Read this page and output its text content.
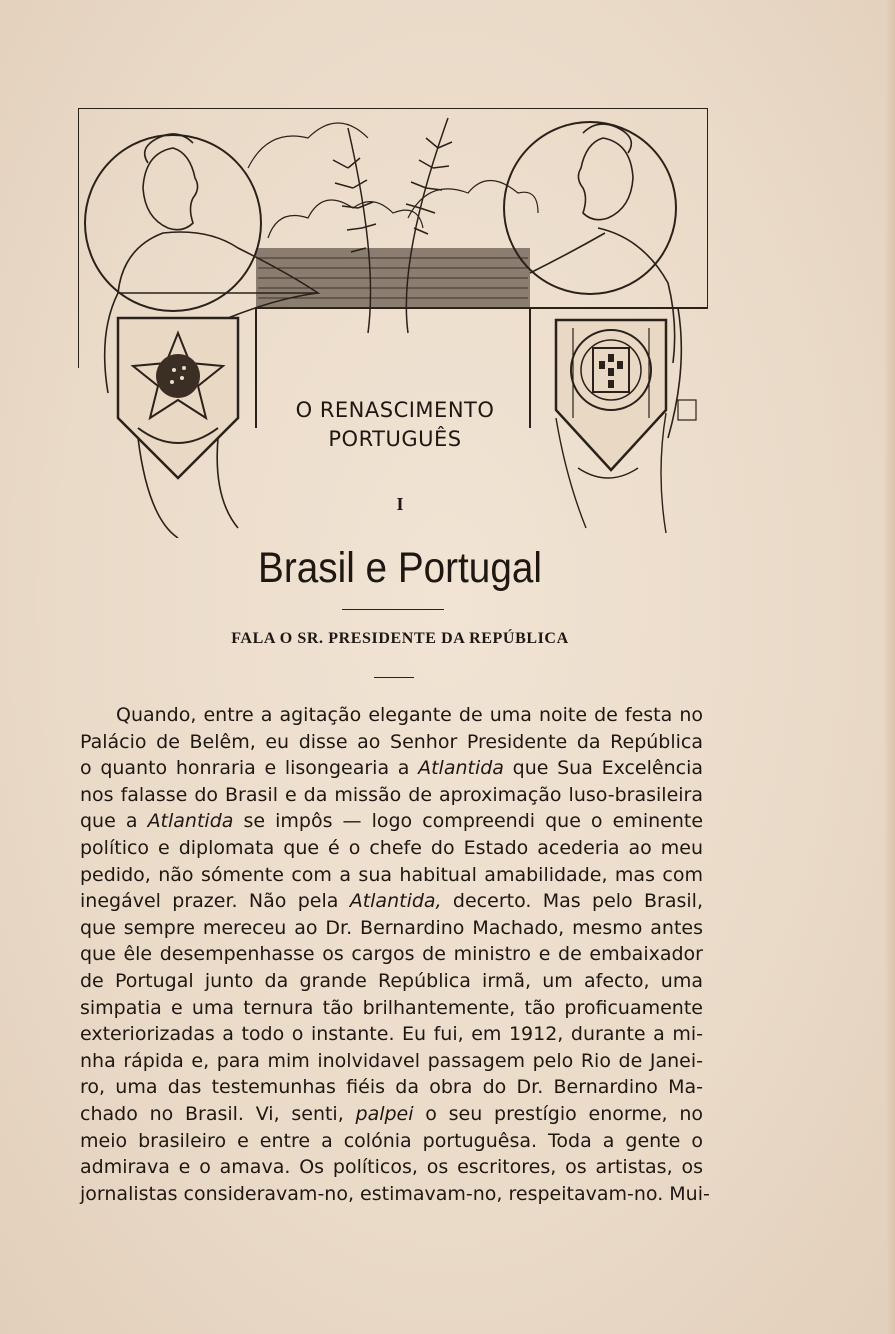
O RENASCIMENTO
PORTUGUÊS
I
Brasil e Portugal
FALA O SR. PRESIDENTE DA REPÚBLICA
Quando, entre a agitação elegante de uma noite de festa no
Palácio de Belêm, eu disse ao Senhor Presidente da República
o quanto honraria e lisongearia a Atlantida que Sua Excelência
nos falasse do Brasil e da missão de aproximação luso-brasileira
que a Atlantida se impôs — logo compreendi que o eminente
político e diplomata que é o chefe do Estado acederia ao meu
pedido, não sómente com a sua habitual amabilidade, mas com
inegável prazer. Não pela Atlantida, decerto. Mas pelo Brasil,
que sempre mereceu ao Dr. Bernardino Machado, mesmo antes
que êle desempenhasse os cargos de ministro e de embaixador
de Portugal junto da grande República irmã, um afecto, uma
simpatia e uma ternura tão brilhantemente, tão proficuamente
exteriorizadas a todo o instante. Eu fui, em 1912, durante a mi-
nha rápida e, para mim inolvidavel passagem pelo Rio de Janei-
ro, uma das testemunhas fiéis da obra do Dr. Bernardino Ma-
chado no Brasil. Vi, senti, palpei o seu prestígio enorme, no
meio brasileiro e entre a colónia portuguêsa. Toda a gente o
admirava e o amava. Os políticos, os escritores, os artistas, os
jornalistas consideravam-no, estimavam-no, respeitavam-no. Mui-
